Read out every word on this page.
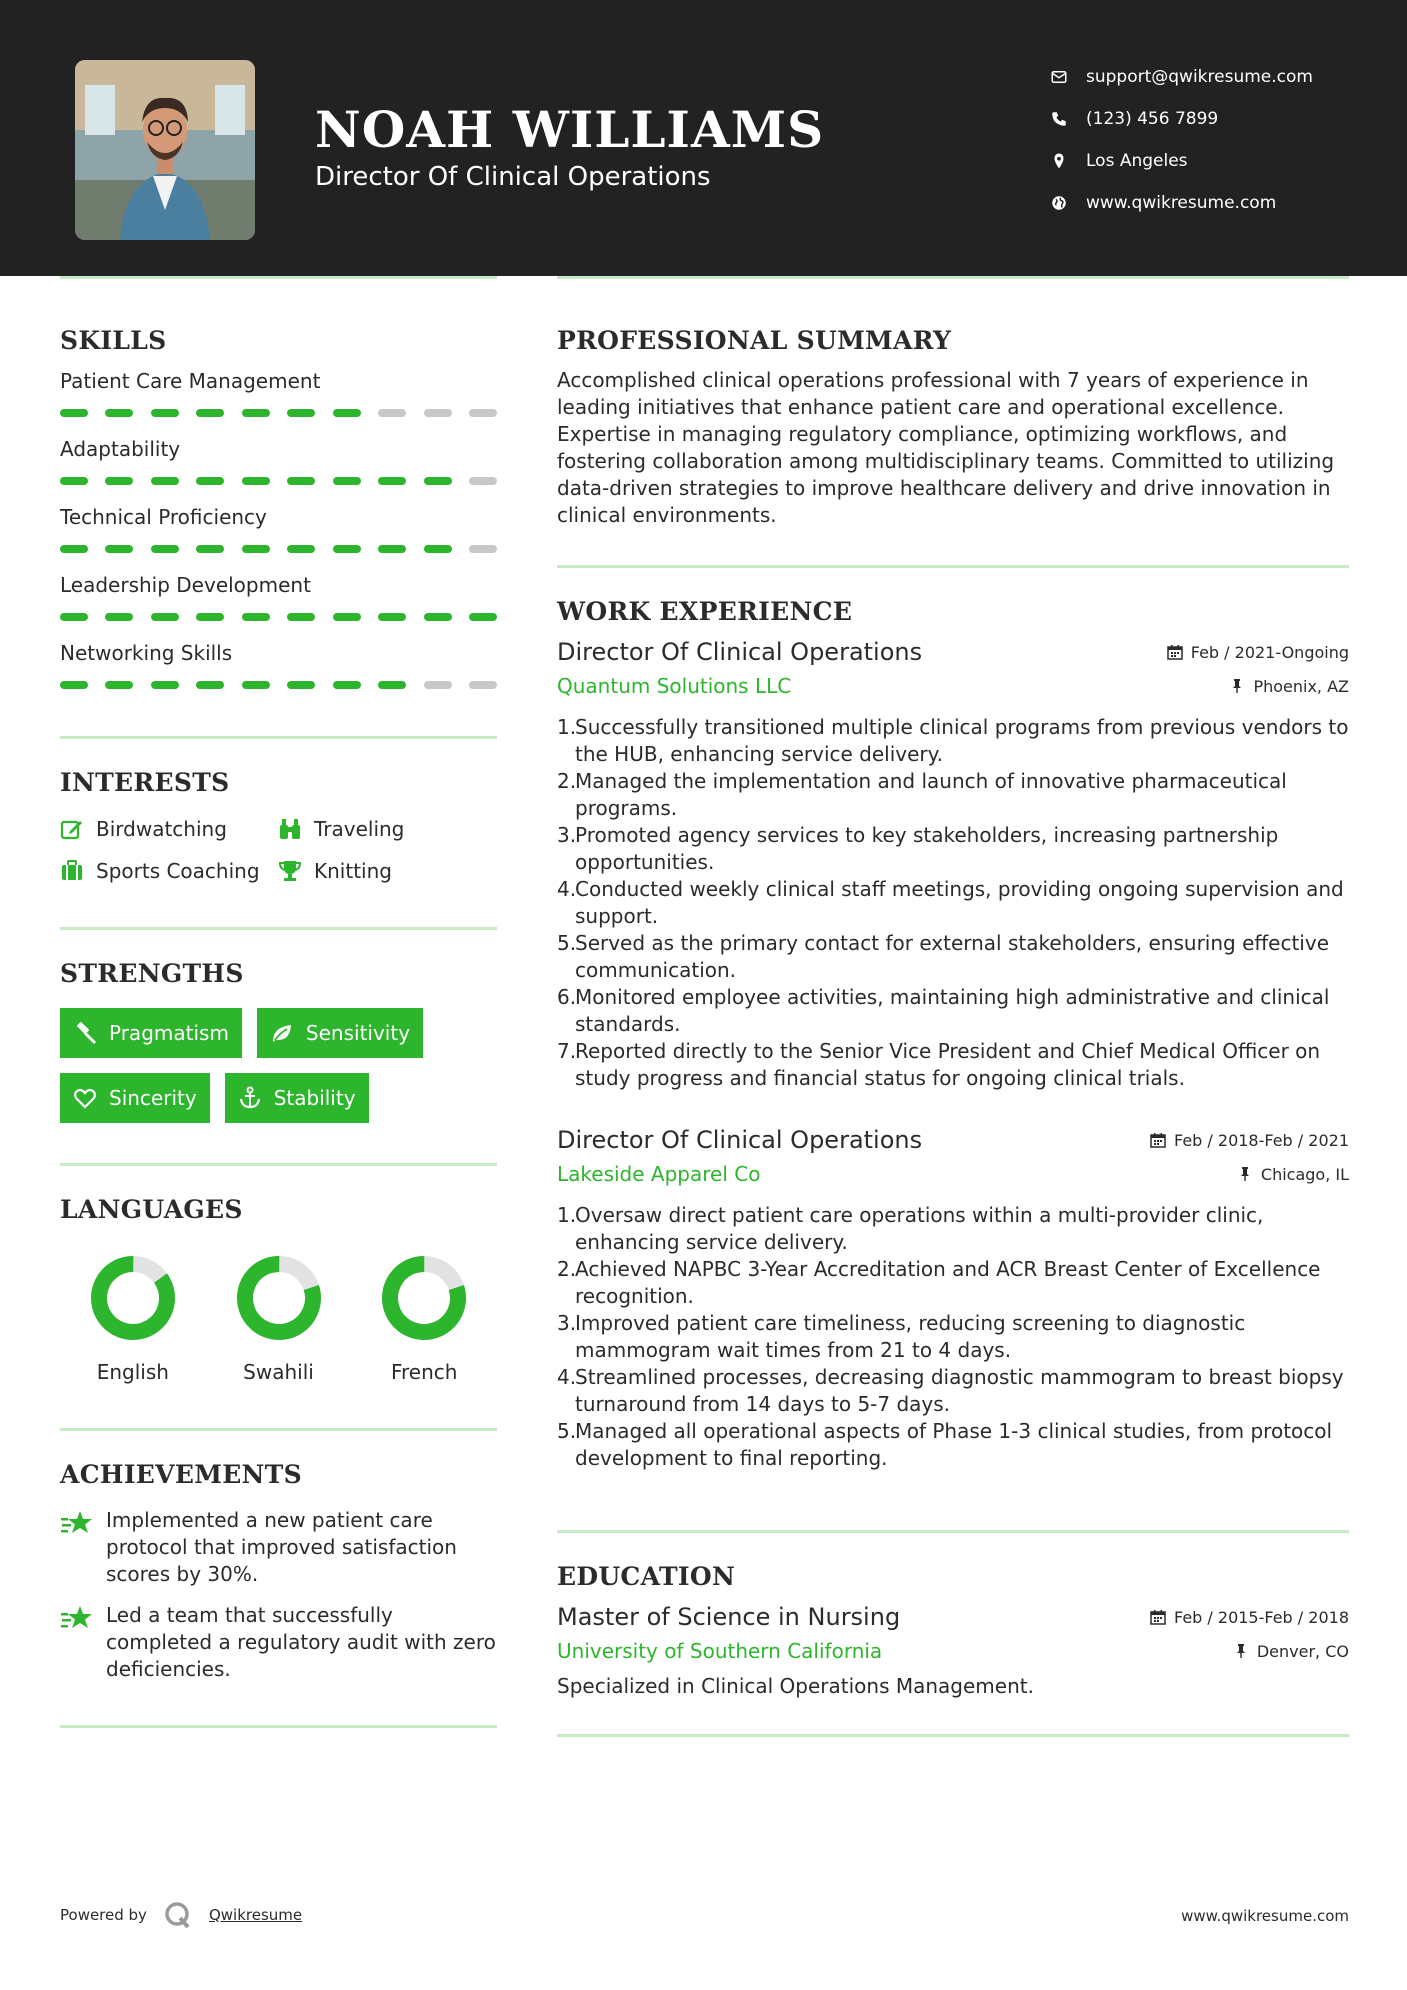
NOAH WILLIAMS
Director Of Clinical Operations
support@qwikresume.com
(123) 456 7899
Los Angeles
www.qwikresume.com
SKILLS
Patient Care Management
Adaptability
Technical Proficiency
Leadership Development
Networking Skills
INTERESTS
Birdwatching	Traveling
Sports Coaching	Knitting
STRENGTHS
Pragmatism	Sensitivity
Sincerity	Stability
LANGUAGES
English	Swahili	French
ACHIEVEMENTS
Implemented a new patient care protocol that improved satisfaction scores by 30%.
Led a team that successfully completed a regulatory audit with zero deficiencies.
PROFESSIONAL SUMMARY
Accomplished clinical operations professional with 7 years of experience in leading initiatives that enhance patient care and operational excellence. Expertise in managing regulatory compliance, optimizing workflows, and fostering collaboration among multidisciplinary teams. Committed to utilizing data-driven strategies to improve healthcare delivery and drive innovation in clinical environments.
WORK EXPERIENCE
Director Of Clinical Operations	Feb / 2021-Ongoing
Quantum Solutions LLC	Phoenix, AZ
1.
Successfully transitioned multiple clinical programs from previous vendors to the HUB, enhancing service delivery.
2.
Managed the implementation and launch of innovative pharmaceutical programs.
3.
Promoted agency services to key stakeholders, increasing partnership opportunities.
4.
Conducted weekly clinical staff meetings, providing ongoing supervision and support.
5.
Served as the primary contact for external stakeholders, ensuring effective communication.
6.
Monitored employee activities, maintaining high administrative and clinical standards.
7.
Reported directly to the Senior Vice President and Chief Medical Officer on study progress and financial status for ongoing clinical trials.
Director Of Clinical Operations	Feb / 2018-Feb / 2021
Lakeside Apparel Co	Chicago, IL
1.
Oversaw direct patient care operations within a multi-provider clinic, enhancing service delivery.
2.
Achieved NAPBC 3-Year Accreditation and ACR Breast Center of Excellence recognition.
3.
Improved patient care timeliness, reducing screening to diagnostic mammogram wait times from 21 to 4 days.
4.
Streamlined processes, decreasing diagnostic mammogram to breast biopsy turnaround from 14 days to 5-7 days.
5.
Managed all operational aspects of Phase 1-3 clinical studies, from protocol development to final reporting.
EDUCATION
Master of Science in Nursing	Feb / 2015-Feb / 2018
University of Southern California	Denver, CO
Specialized in Clinical Operations Management.
Powered by	Qwikresume	www.qwikresume.com
